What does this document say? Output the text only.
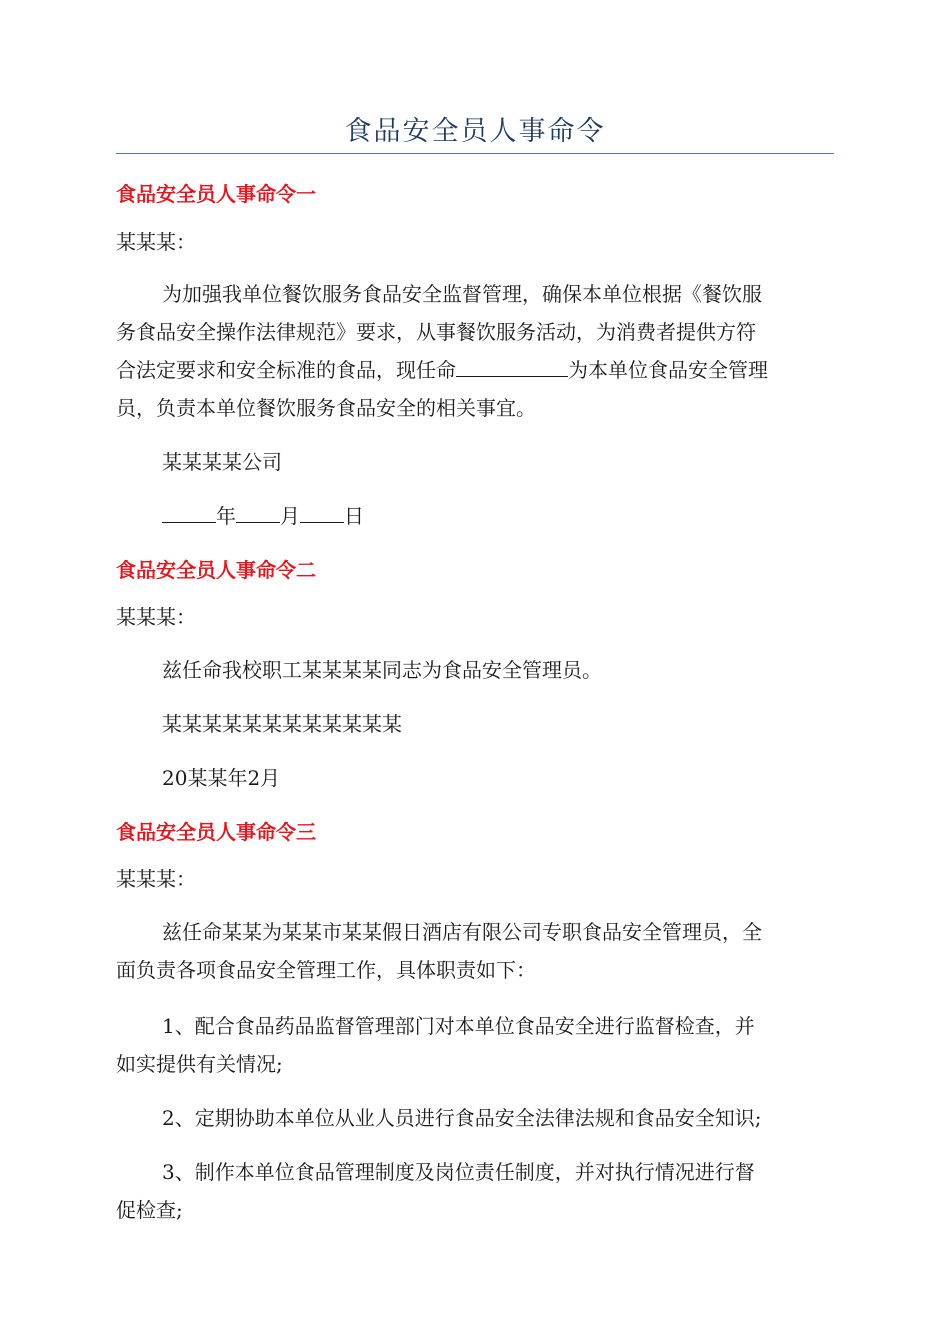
食品安全员人事命令
食品安全员人事命令一
某某某：
为加强我单位餐饮服务食品安全监督管理，确保本单位根据《餐饮服
务食品安全操作法律规范》要求，从事餐饮服务活动，为消费者提供方符
合法定要求和安全标准的食品，现任命	为本单位食品安全管理
员，负责本单位餐饮服务食品安全的相关事宜。
某某某某公司
年 月 日
食品安全员人事命令二
某某某：
兹任命我校职工某某某某同志为食品安全管理员。
某某某某某某某某某某某某
20某某年2月
食品安全员人事命令三
某某某：
兹任命某某为某某市某某假日酒店有限公司专职食品安全管理员，全
面负责各项食品安全管理工作，具体职责如下：
1、配合食品药品监督管理部门对本单位食品安全进行监督检查，并
如实提供有关情况;
2、定期协助本单位从业人员进行食品安全法律法规和食品安全知识;
3、制作本单位食品管理制度及岗位责任制度，并对执行情况进行督
促检查;
